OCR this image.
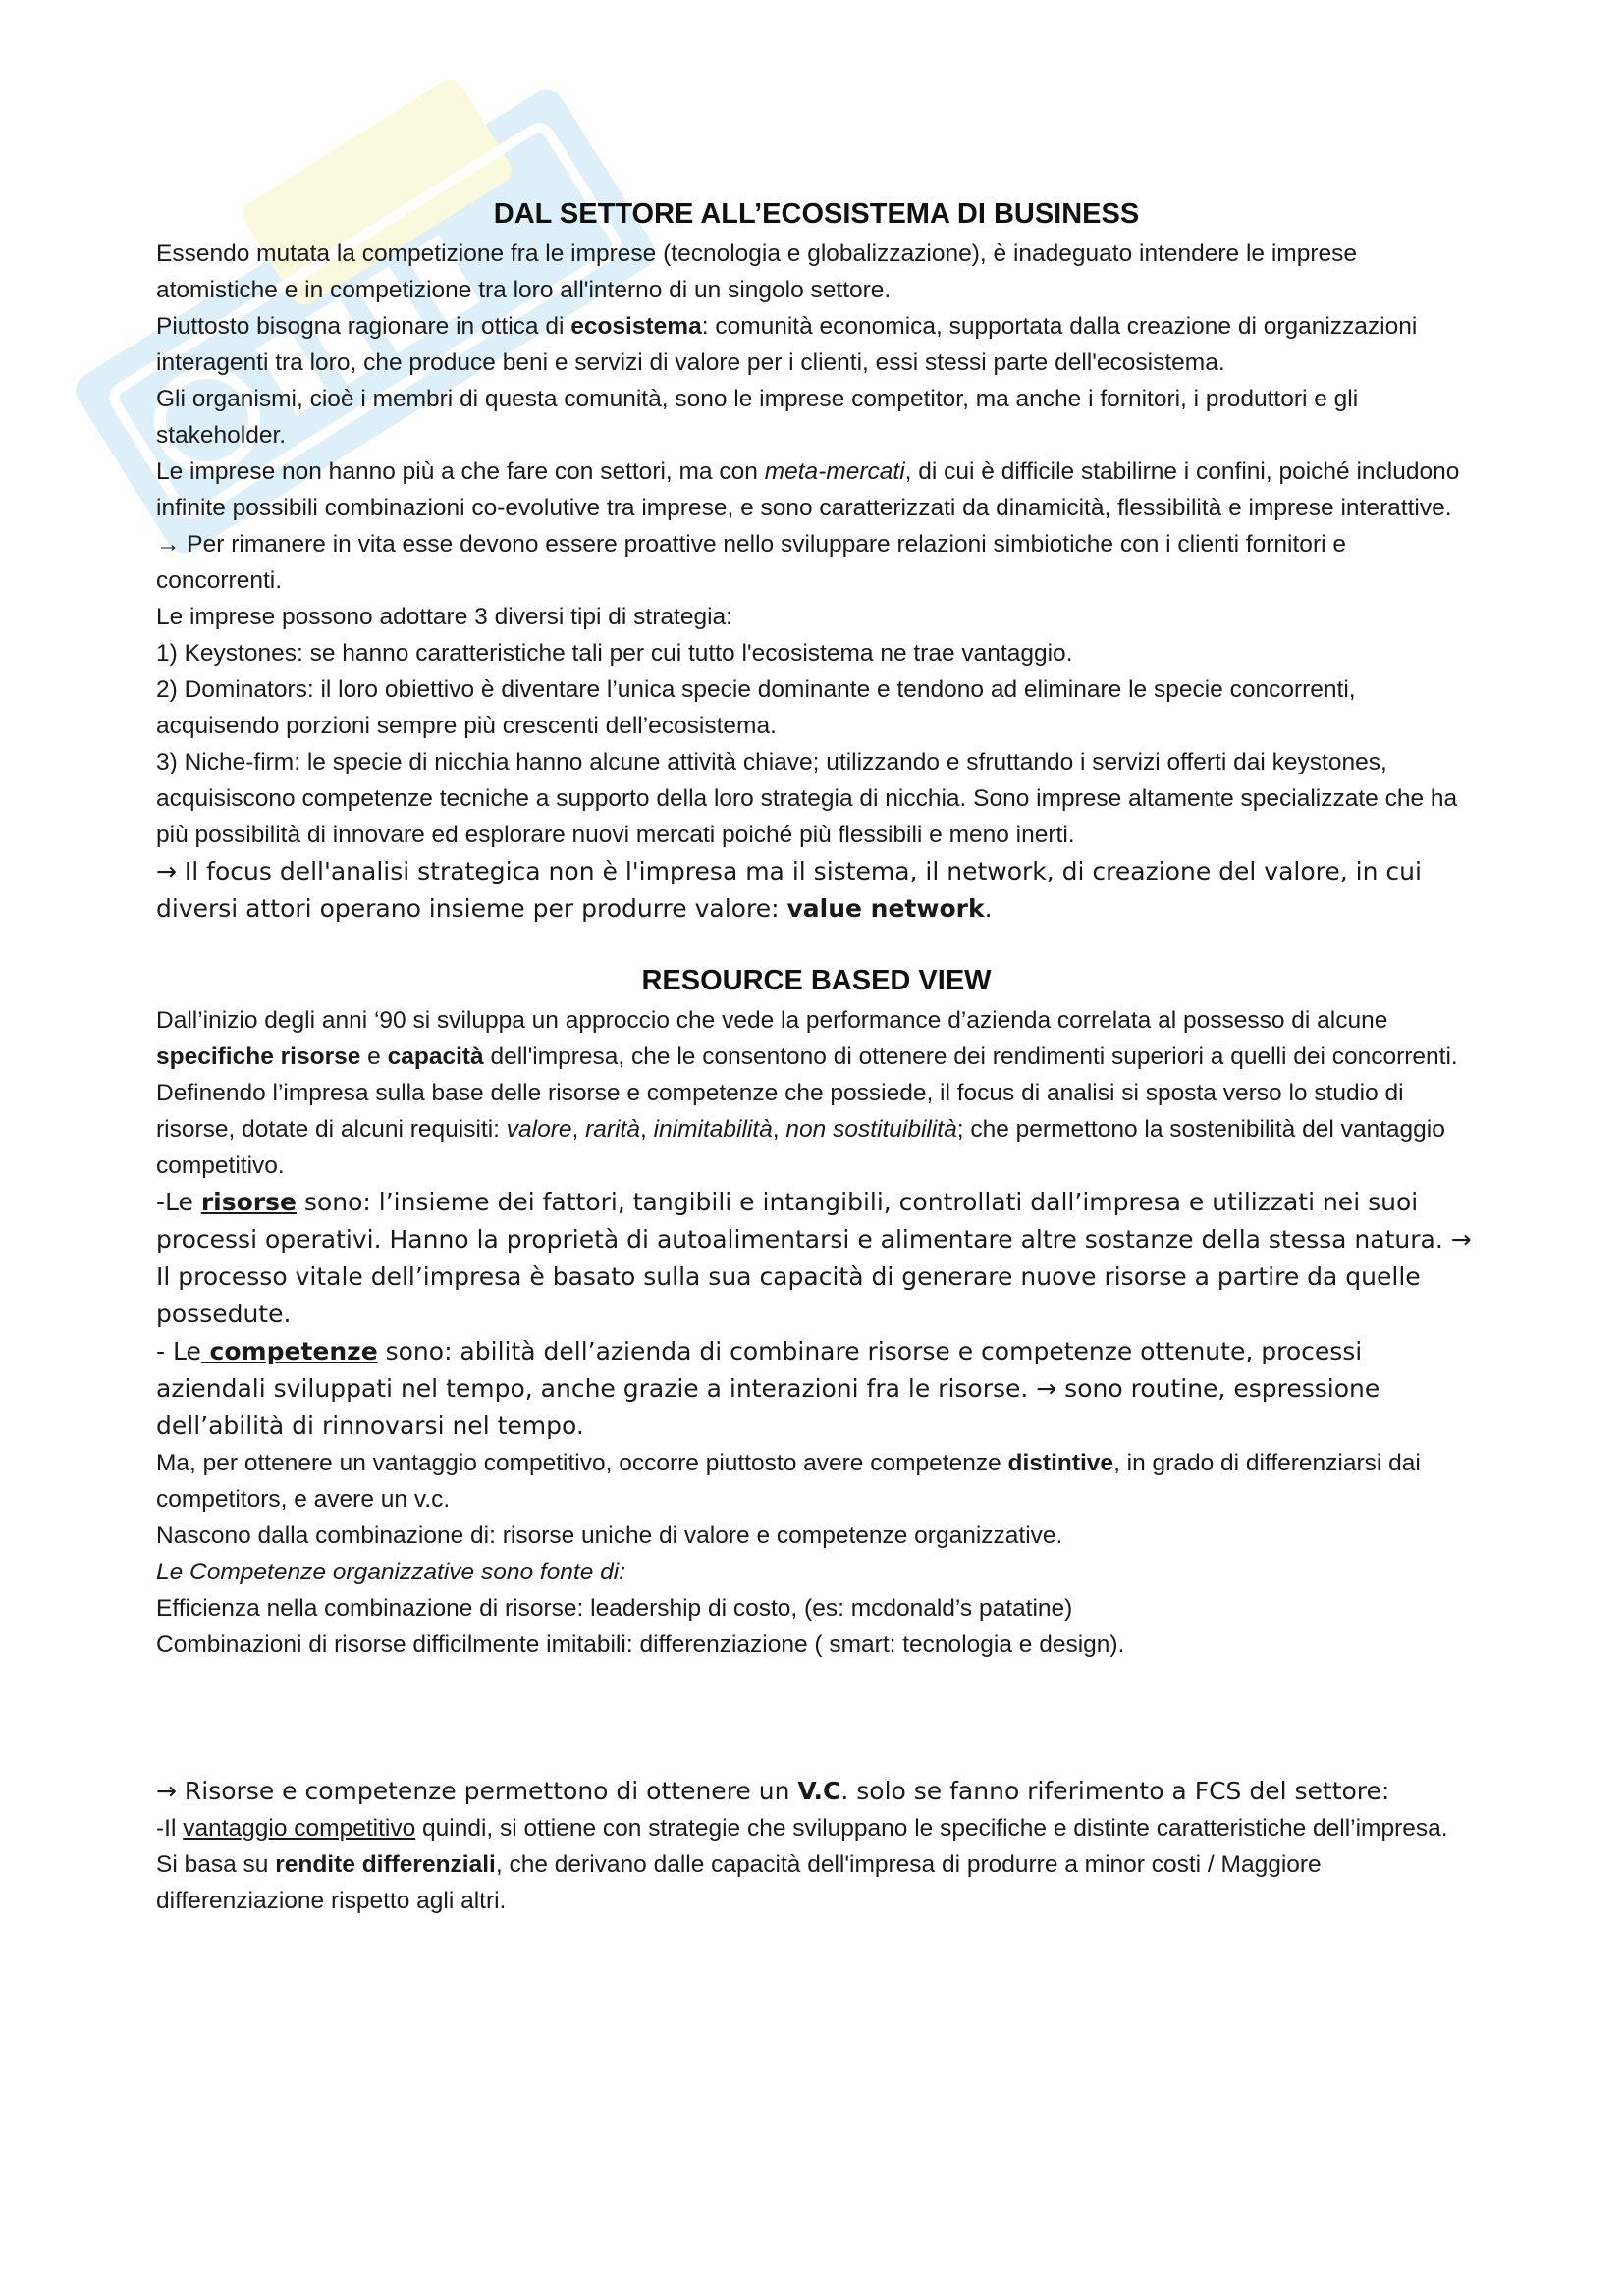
DAL SETTORE ALL’ECOSISTEMA DI BUSINESS

Essendo mutata la competizione fra le imprese (tecnologia e globalizzazione), è inadeguato intendere le imprese atomistiche e in competizione tra loro all'interno di un singolo settore.

Piuttosto bisogna ragionare in ottica di ecosistema: comunità economica, supportata dalla creazione di organizzazioni interagenti tra loro, che produce beni e servizi di valore per i clienti, essi stessi parte dell'ecosistema.

Gli organismi, cioè i membri di questa comunità, sono le imprese competitor, ma anche i fornitori, i produttori e gli stakeholder.

Le imprese non hanno più a che fare con settori, ma con meta-mercati, di cui è difficile stabilirne i confini, poiché includono infinite possibili combinazioni co-evolutive tra imprese, e sono caratterizzati da dinamicità, flessibilità e imprese interattive.

→ Per rimanere in vita esse devono essere proattive nello sviluppare relazioni simbiotiche con i clienti fornitori e concorrenti.

Le imprese possono adottare 3 diversi tipi di strategia:

1) Keystones: se hanno caratteristiche tali per cui tutto l'ecosistema ne trae vantaggio.

2) Dominators: il loro obiettivo è diventare l’unica specie dominante e tendono ad eliminare le specie concorrenti, acquisendo porzioni sempre più crescenti dell’ecosistema.

3) Niche-firm: le specie di nicchia hanno alcune attività chiave; utilizzando e sfruttando i servizi offerti dai keystones, acquisiscono competenze tecniche a supporto della loro strategia di nicchia. Sono imprese altamente specializzate che ha più possibilità di innovare ed esplorare nuovi mercati poiché più flessibili e meno inerti.

→ Il focus dell'analisi strategica non è l'impresa ma il sistema, il network, di creazione del valore, in cui diversi attori operano insieme per produrre valore: value network.

RESOURCE BASED VIEW

Dall’inizio degli anni ‘90 si sviluppa un approccio che vede la performance d’azienda correlata al possesso di alcune specifiche risorse e capacità dell'impresa, che le consentono di ottenere dei rendimenti superiori a quelli dei concorrenti.

Definendo l’impresa sulla base delle risorse e competenze che possiede, il focus di analisi si sposta verso lo studio di risorse, dotate di alcuni requisiti: valore, rarità, inimitabilità, non sostituibilità; che permettono la sostenibilità del vantaggio competitivo.

-Le risorse sono: l’insieme dei fattori, tangibili e intangibili, controllati dall’impresa e utilizzati nei suoi processi operativi. Hanno la proprietà di autoalimentarsi e alimentare altre sostanze della stessa natura. → Il processo vitale dell’impresa è basato sulla sua capacità di generare nuove risorse a partire da quelle possedute.

- Le competenze sono: abilità dell’azienda di combinare risorse e competenze ottenute, processi aziendali sviluppati nel tempo, anche grazie a interazioni fra le risorse. → sono routine, espressione dell’abilità di rinnovarsi nel tempo.

Ma, per ottenere un vantaggio competitivo, occorre piuttosto avere competenze distintive, in grado di differenziarsi dai competitors, e avere un v.c.

Nascono dalla combinazione di: risorse uniche di valore e competenze organizzative.

Le Competenze organizzative sono fonte di:

Efficienza nella combinazione di risorse: leadership di costo, (es: mcdonald’s patatine)

Combinazioni di risorse difficilmente imitabili: differenziazione ( smart: tecnologia e design).

→ Risorse e competenze permettono di ottenere un V.C. solo se fanno riferimento a FCS del settore:

-Il vantaggio competitivo quindi, si ottiene con strategie che sviluppano le specifiche e distinte caratteristiche dell’impresa.

Si basa su rendite differenziali, che derivano dalle capacità dell'impresa di produrre a minor costi / Maggiore differenziazione rispetto agli altri.
